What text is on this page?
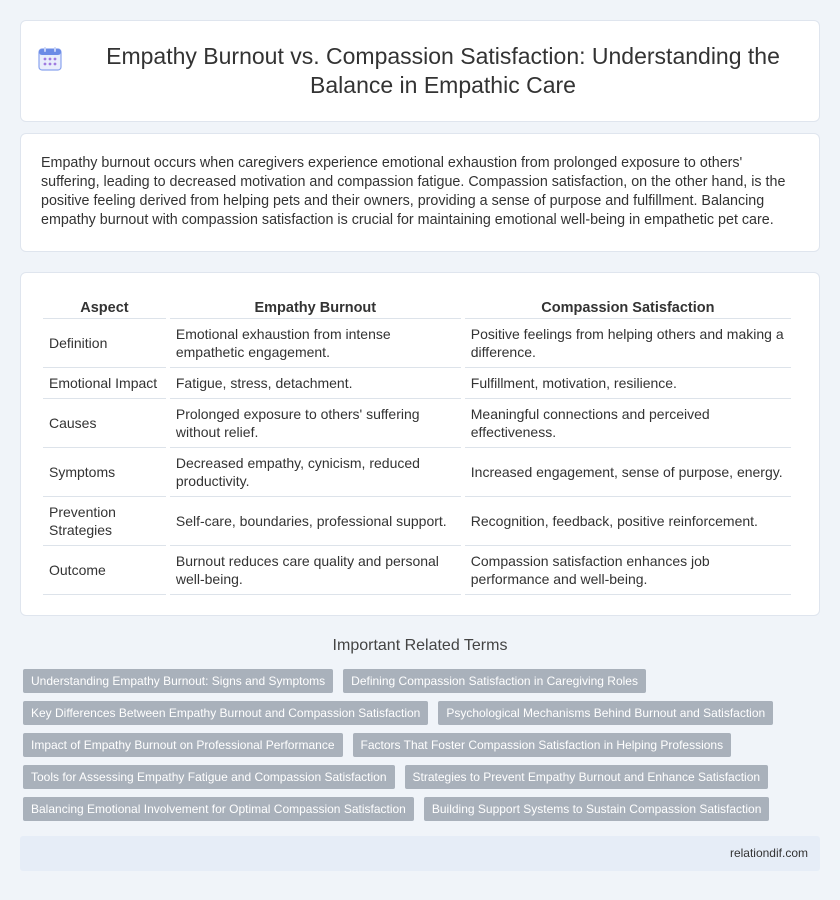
Empathy Burnout vs. Compassion Satisfaction: Understanding the Balance in Empathic Care

Empathy burnout occurs when caregivers experience emotional exhaustion from prolonged exposure to others' suffering, leading to decreased motivation and compassion fatigue. Compassion satisfaction, on the other hand, is the positive feeling derived from helping pets and their owners, providing a sense of purpose and fulfillment. Balancing empathy burnout with compassion satisfaction is crucial for maintaining emotional well-being in empathetic pet care.

Aspect	Empathy Burnout	Compassion Satisfaction
Definition	Emotional exhaustion from intense empathetic engagement.	Positive feelings from helping others and making a difference.
Emotional Impact	Fatigue, stress, detachment.	Fulfillment, motivation, resilience.
Causes	Prolonged exposure to others' suffering without relief.	Meaningful connections and perceived effectiveness.
Symptoms	Decreased empathy, cynicism, reduced productivity.	Increased engagement, sense of purpose, energy.
Prevention Strategies	Self-care, boundaries, professional support.	Recognition, feedback, positive reinforcement.
Outcome	Burnout reduces care quality and personal well-being.	Compassion satisfaction enhances job performance and well-being.
Important Related Terms
Understanding Empathy Burnout: Signs and Symptoms	Defining Compassion Satisfaction in Caregiving Roles
Key Differences Between Empathy Burnout and Compassion Satisfaction	Psychological Mechanisms Behind Burnout and Satisfaction
Impact of Empathy Burnout on Professional Performance	Factors That Foster Compassion Satisfaction in Helping Professions
Tools for Assessing Empathy Fatigue and Compassion Satisfaction	Strategies to Prevent Empathy Burnout and Enhance Satisfaction
Balancing Emotional Involvement for Optimal Compassion Satisfaction	Building Support Systems to Sustain Compassion Satisfaction
relationdif.com
